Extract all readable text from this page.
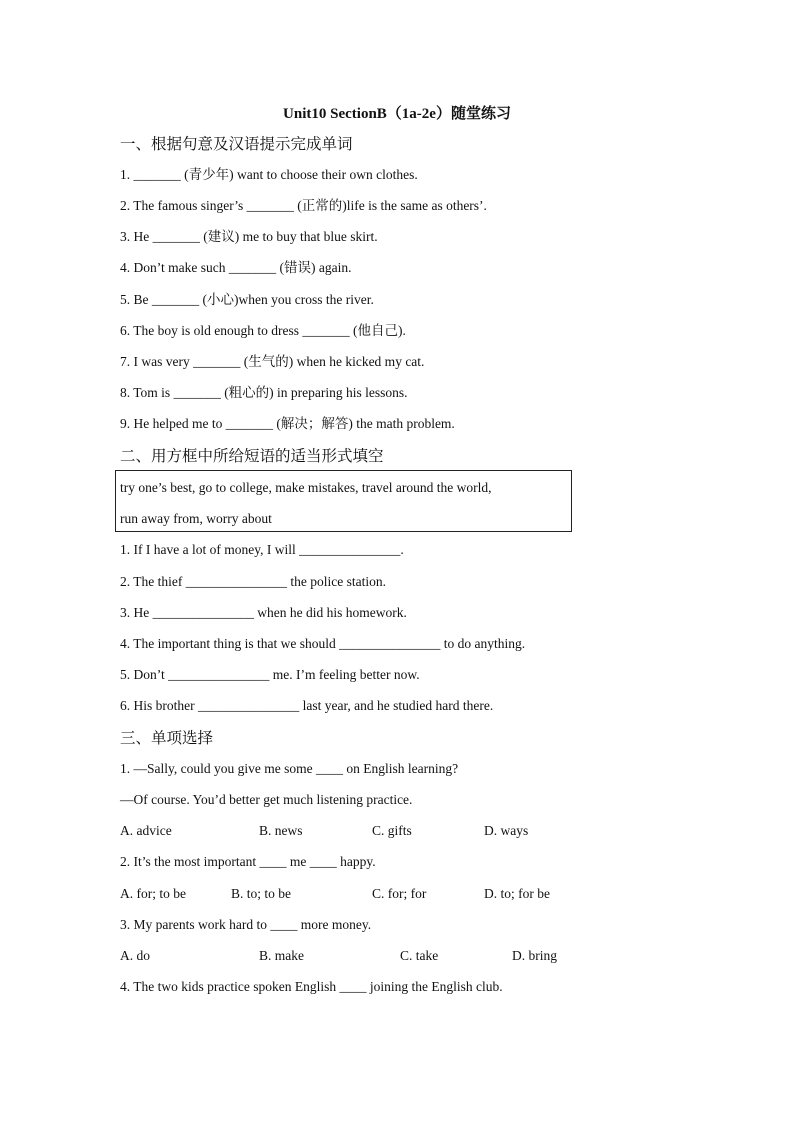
Unit10 SectionB（1a-2e）随堂练习
一、根据句意及汉语提示完成单词
1. _______ (青少年) want to choose their own clothes.
2. The famous singer’s _______ (正常的)life is the same as others’.
3. He _______ (建议) me to buy that blue skirt.
4. Don’t make such _______ (错误) again.
5. Be _______ (小心)when you cross the river.
6. The boy is old enough to dress _______ (他自己).
7. I was very _______ (生气的) when he kicked my cat.
8. Tom is _______ (粗心的) in preparing his lessons.
9. He helped me to _______ (解决；解答) the math problem.
二、用方框中所给短语的适当形式填空
try one’s best, go to college, make mistakes, travel around the world,
run away from, worry about
1. If I have a lot of money, I will _______________.
2. The thief _______________ the police station.
3. He _______________ when he did his homework.
4. The important thing is that we should _______________ to do anything.
5. Don’t _______________ me. I’m feeling better now.
6. His brother _______________ last year, and he studied hard there.
三、单项选择
1. —Sally, could you give me some ____ on English learning?
—Of course. You’d better get much listening practice.
A. advice	B. news	C. gifts	D. ways
2. It’s the most important ____ me ____ happy.
A. for; to be	B. to; to be	C. for; for	D. to; for be
3. My parents work hard to ____ more money.
A. do	B. make	C. take	D. bring
4. The two kids practice spoken English ____ joining the English club.
